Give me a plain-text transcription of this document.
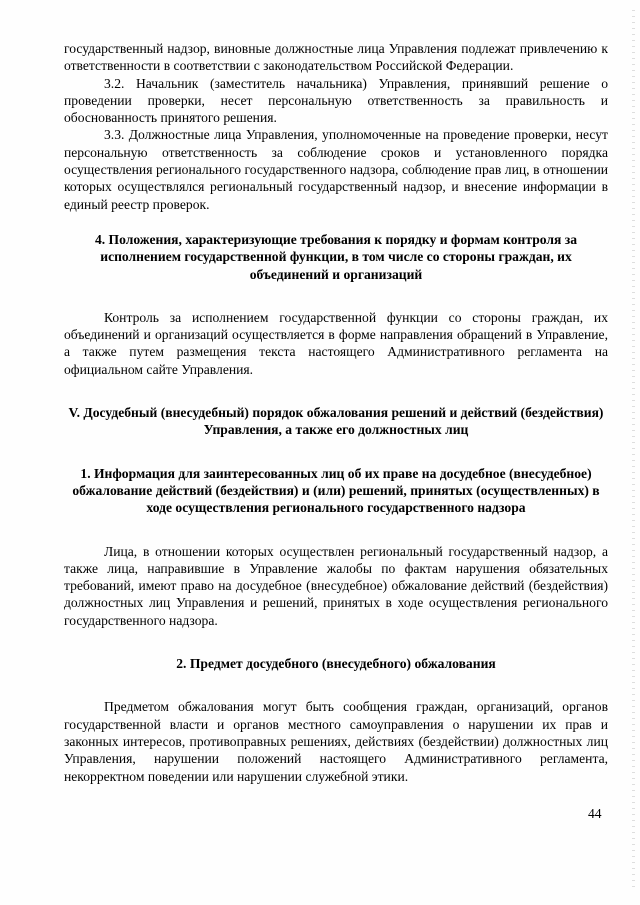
государственный надзор, виновные должностные лица Управления подлежат привлечению к ответственности в соответствии с законодательством Российской Федерации.

3.2. Начальник (заместитель начальника) Управления, принявший решение о проведении проверки, несет персональную ответственность за правильность и обоснованность принятого решения.

3.3. Должностные лица Управления, уполномоченные на проведение проверки, несут персональную ответственность за соблюдение сроков и установленного порядка осуществления регионального государственного надзора, соблюдение прав лиц, в отношении которых осуществлялся региональный государственный надзор, и внесение информации в единый реестр проверок.

4. Положения, характеризующие требования к порядку и формам контроля за исполнением государственной функции, в том числе со стороны граждан, их объединений и организаций

Контроль за исполнением государственной функции со стороны граждан, их объединений и организаций осуществляется в форме направления обращений в Управление, а также путем размещения текста настоящего Административного регламента на официальном сайте Управления.

V. Досудебный (внесудебный) порядок обжалования решений и действий (бездействия) Управления, а также его должностных лиц
1. Информация для заинтересованных лиц об их праве на досудебное (внесудебное) обжалование действий (бездействия) и (или) решений, принятых (осуществленных) в ходе осуществления регионального государственного надзора

Лица, в отношении которых осуществлен региональный государственный надзор, а также лица, направившие в Управление жалобы по фактам нарушения обязательных требований, имеют право на досудебное (внесудебное) обжалование действий (бездействия) должностных лиц Управления и решений, принятых в ходе осуществления регионального государственного надзора.

2. Предмет досудебного (внесудебного) обжалования

Предметом обжалования могут быть сообщения граждан, организаций, органов государственной власти и органов местного самоуправления о нарушении их прав и законных интересов, противоправных решениях, действиях (бездействии) должностных лиц Управления, нарушении положений настоящего Административного регламента, некорректном поведении или нарушении служебной этики.

44
